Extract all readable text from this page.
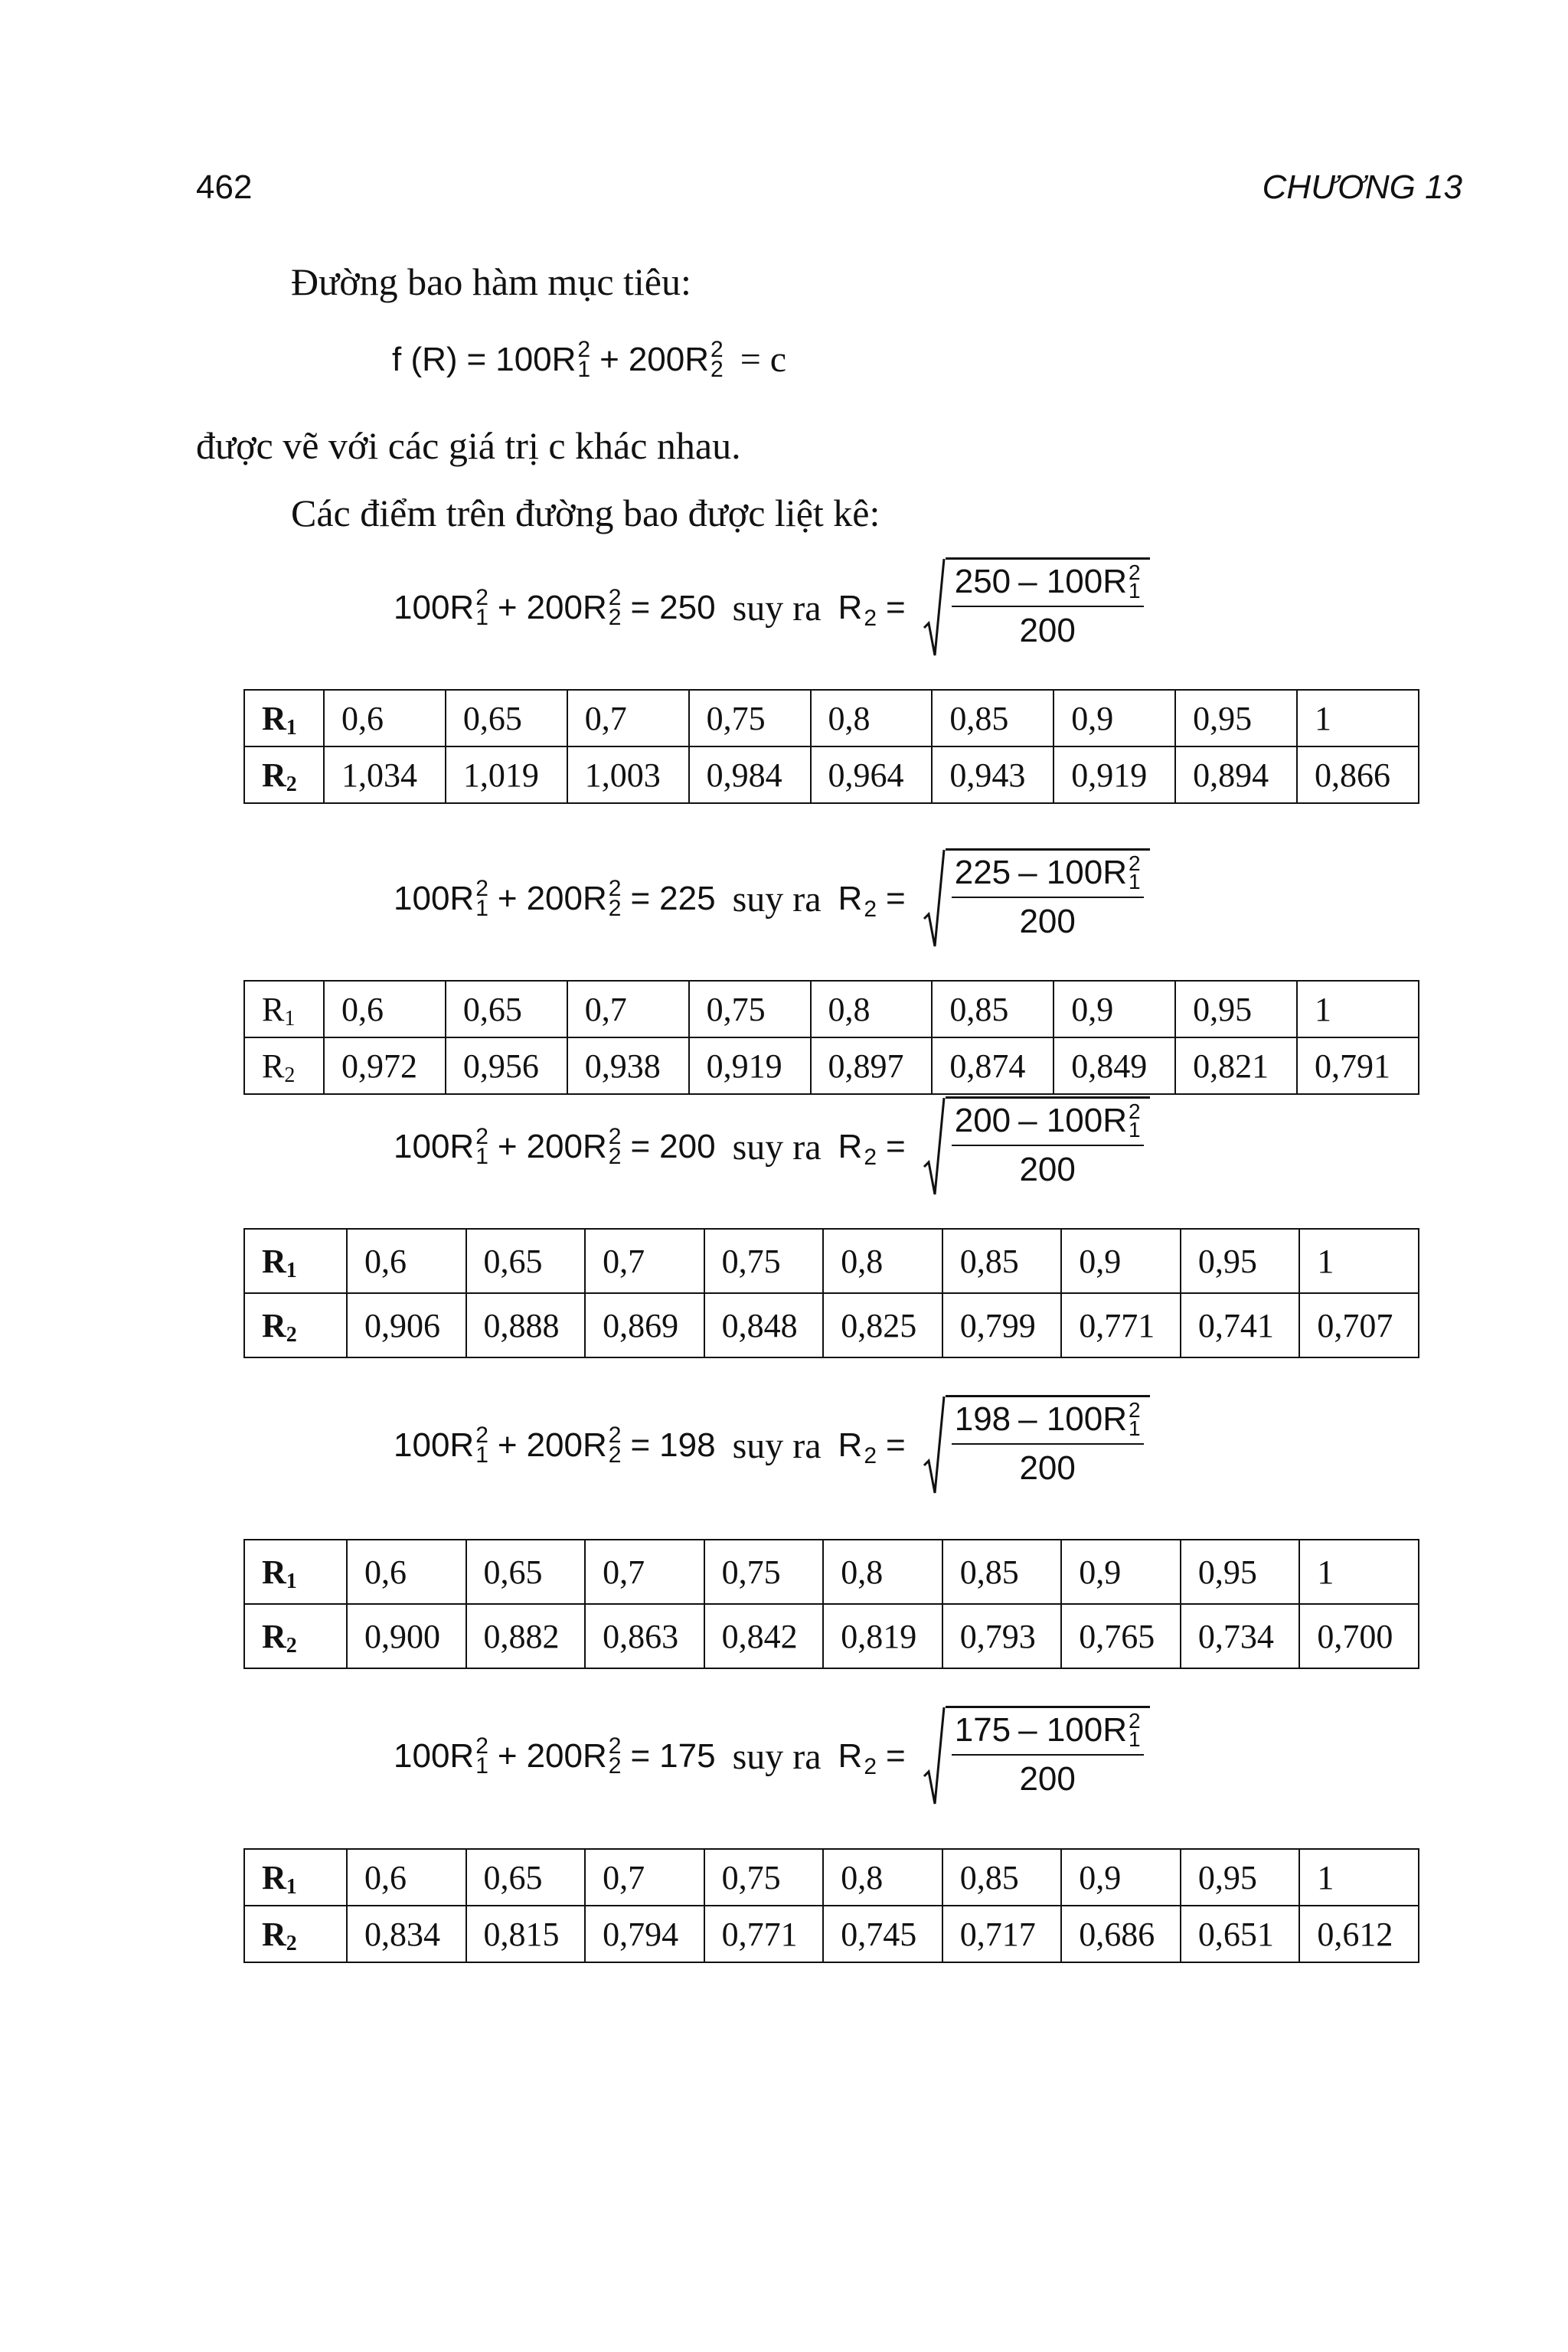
462	CHƯƠNG 13
Đường bao hàm mục tiêu:
f (R) = 100R 2
1 + 200R 2
2 = c
được vẽ với các giá trị c khác nhau.
Các điểm trên đường bao được liệt kê:
100R 2
1 + 200R 2
2 = 250 suy ra R 2 = 250 – 100R 2
1
200
100R 2
1 + 200R 2
2 = 225 suy ra R 2 = 225 – 100R 2
1
200
100R 2
1 + 200R 2
2 = 200 suy ra R 2 = 200 – 100R 2
1
200
100R 2
1 + 200R 2
2 = 198 suy ra R 2 = 198 – 100R 2
1
200
100R 2
1 + 200R 2
2 = 175 suy ra R 2 = 175 – 100R 2
1
200
R1	0,6	0,65	0,7	0,75	0,8	0,85	0,9	0,95	1
R2	1,034	1,019	1,003	0,984	0,964	0,943	0,919	0,894	0,866
R1	0,6	0,65	0,7	0,75	0,8	0,85	0,9	0,95	1
R2	0,972	0,956	0,938	0,919	0,897	0,874	0,849	0,821	0,791
R1	0,6	0,65	0,7	0,75	0,8	0,85	0,9	0,95	1
R2	0,906	0,888	0,869	0,848	0,825	0,799	0,771	0,741	0,707
R1	0,6	0,65	0,7	0,75	0,8	0,85	0,9	0,95	1
R2	0,900	0,882	0,863	0,842	0,819	0,793	0,765	0,734	0,700
R1	0,6	0,65	0,7	0,75	0,8	0,85	0,9	0,95	1
R2	0,834	0,815	0,794	0,771	0,745	0,717	0,686	0,651	0,612
